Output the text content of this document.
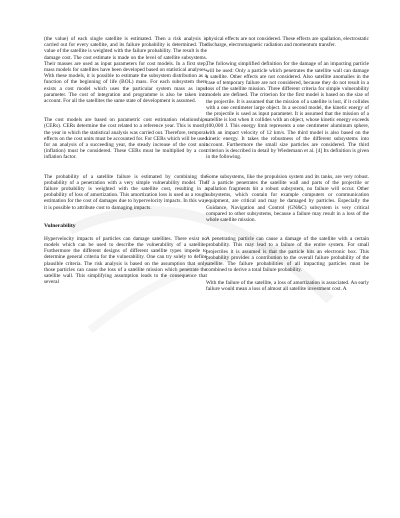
(the value) of each single satellite is estimated. Then a risk analysis is carried out for every satellite, and its failure probability is determined. The value of the satellite is weighted with the failure probability. The result is the damage cost. The cost estimate is made on the level of satellite subsystems. Their masses are used as input parameters for cost models. In a first step, mass models for satellites have been developed based on statistical analyses. With these models, it is possible to estimate the subsystem distribution as a function of the beginning of life (BOL) mass. For each subsystem there exists a cost model which uses the particular system mass as input parameter. The cost of integration and programme is also be taken into account. For all the satellites the same state of development is assumed.

The cost models are based on parametric cost estimation relationships (CERs). CERs determine the cost related to a reference year. This is mostly the year in which the statistical analysis was carried out. Therefore, temporal effects on the cost units must be accounted for. For CERs which will be used for an analysis of a succeeding year, the steady increase of the cost unit (inflation) must be considered. These CERs must be multiplied by a cost inflation factor.

The probability of a satellite failure is estimated by combining the probability of a penetration with a very simple vulnerability model. The failure probability is weighted with the satellite cost, resulting in a probability of loss of amortization. This amortization loss is used as a rough estimation for the cost of damages due to hypervelocity impacts. In this way it is possible to attribute cost to damaging impacts.

Vulnerability

Hypervelocity impacts of particles can damage satellites. There exist no models which can be used to describe the vulnerability of a satellite. Furthermore the different designs of different satellite types impede to determine general criteria for the vulnerability. One can try solely to define plausible criteria. The risk analysis is based on the assumption that only those particles can cause the loss of a satellite mission which penetrate the satellite wall. This simplifying assumption leads to the consequence that several

physical effects are not considered. These effects are spallation, electrostatic discharge, electromagnetic radiation and momentum transfer.

The following simplified definition for the damage of an impacting particle will be used: Only a particle which penetrates the satellite wall can damage a satellite. Other effects are not considered. Also satellite anomalies in the case of temporary failure are not considered, because they do not result in a loss of the satellite mission. Three different criteria for simple vulnerability models are defined. The criterion for the first model is based on the size of the projectile. It is assumed that the mission of a satellite is lost, if it collides with a one centimeter large object. In a second model, the kinetic energy of the projectile is used as input parameter. It is assumed that the mission of a satellite is lost when it collides with an object, whose kinetic energy exceeds 100,000 J. This energy limit represents a one centimeter aluminum sphere, with an impact velocity of 12 km/s. The third model is also based on the kinetic energy. It takes the robustness of the different subsystems into account. Furthermore the small size particles are considered. The third criterion is described in detail by Wiedemann et al. [4] Its definition is given in the following.

Some subsystems, like the propulsion system and its tanks, are very robust. If a particle penetrates the satellite wall and parts of the projectile or spallation fragments hit a robust subsystem, no failure will occur. Other subsystems, which contain for example computers or communication equipment, are critical and may be damaged by particles. Especially the Guidance, Navigation and Control (GN&C) subsystem is very critical compared to other subsystems, because a failure may result in a loss of the whole satellite mission.

A penetrating particle can cause a damage of the satellite with a certain probability. This may lead to a failure of the entire system. For small projectiles it is assumed is that the particle hits an electronic box. This probability provides a contribution to the overall failure probability of the satellite. The failure probabilities of all impacting particles must be combined to derive a total failure probability.

With the failure of the satellite, a loss of amortization is associated. An early failure would mean a loss of almost all satellite investment cost. A
